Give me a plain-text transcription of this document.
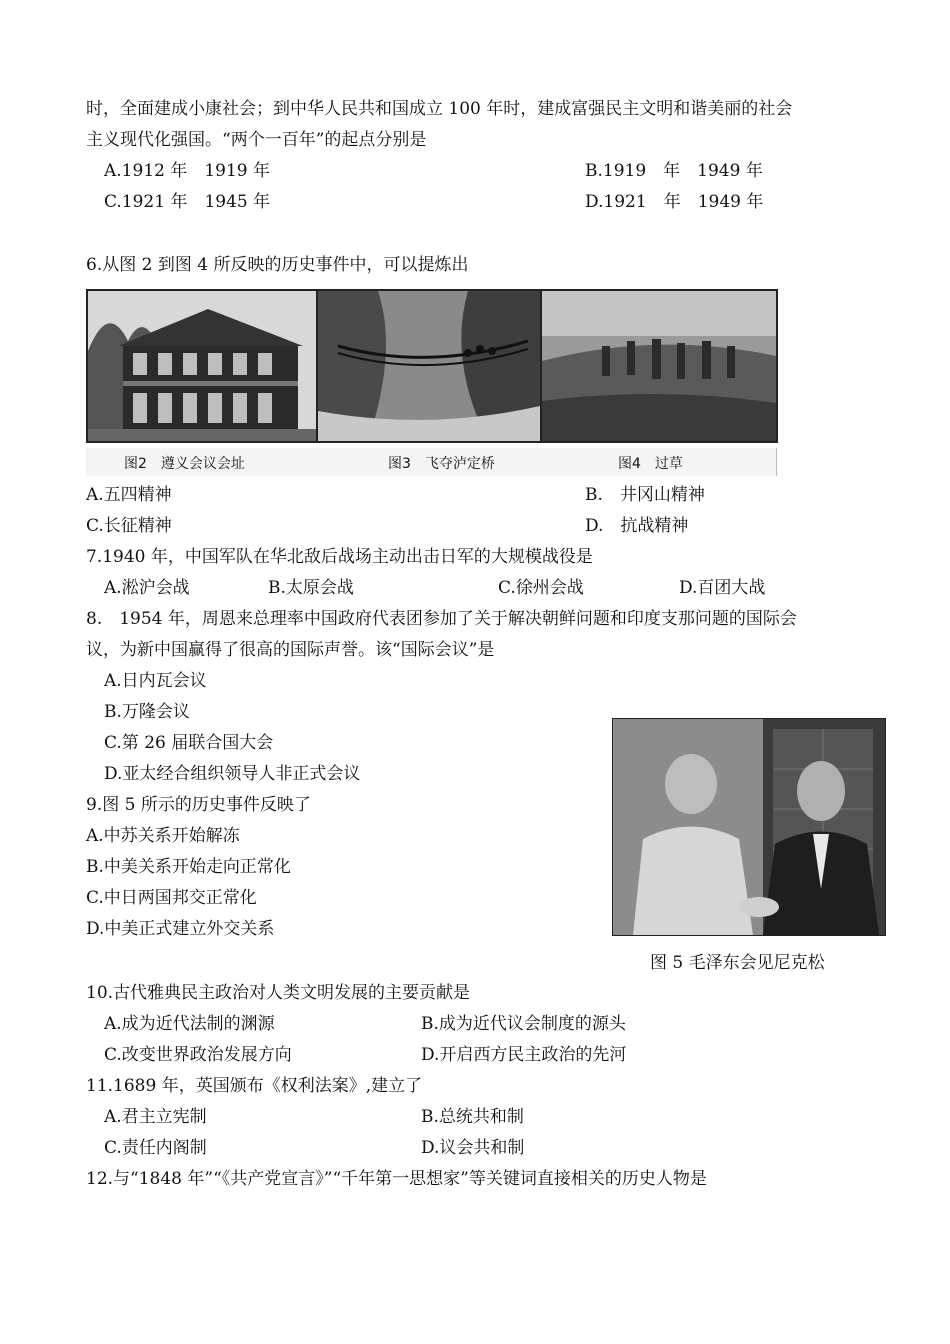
时，全面建成小康社会；到中华人民共和国成立 100 年时，建成富强民主文明和谐美丽的社会
主义现代化强国。“两个一百年”的起点分别是
A.1912 年　1919 年	B.1919　年　1949 年
C.1921 年　1945 年	D.1921　年　1949 年
6.从图 2 到图 4 所反映的历史事件中，可以提炼出
图2　遵义会议会址	图3　飞夺泸定桥	图4　过草
A.五四精神	B.　井冈山精神
C.长征精神	D.　抗战精神
7.1940 年，中国军队在华北敌后战场主动出击日军的大规模战役是
A.淞沪会战	B.太原会战	C.徐州会战	D.百团大战
8.　1954 年，周恩来总理率中国政府代表团参加了关于解决朝鲜问题和印度支那问题的国际会
议，为新中国赢得了很高的国际声誉。该“国际会议”是
A.日内瓦会议
B.万隆会议
C.第 26 届联合国大会
D.亚太经合组织领导人非正式会议
图 5 毛泽东会见尼克松
9.图 5 所示的历史事件反映了
A.中苏关系开始解冻
B.中美关系开始走向正常化
C.中日两国邦交正常化
D.中美正式建立外交关系
10.古代雅典民主政治对人类文明发展的主要贡献是
A.成为近代法制的渊源	B.成为近代议会制度的源头
C.改变世界政治发展方向	D.开启西方民主政治的先河
11.1689 年，英国颁布《权利法案》,建立了
A.君主立宪制	B.总统共和制
C.责任内阁制	D.议会共和制
12.与“1848 年”“《共产党宣言》”“千年第一思想家”等关键词直接相关的历史人物是
